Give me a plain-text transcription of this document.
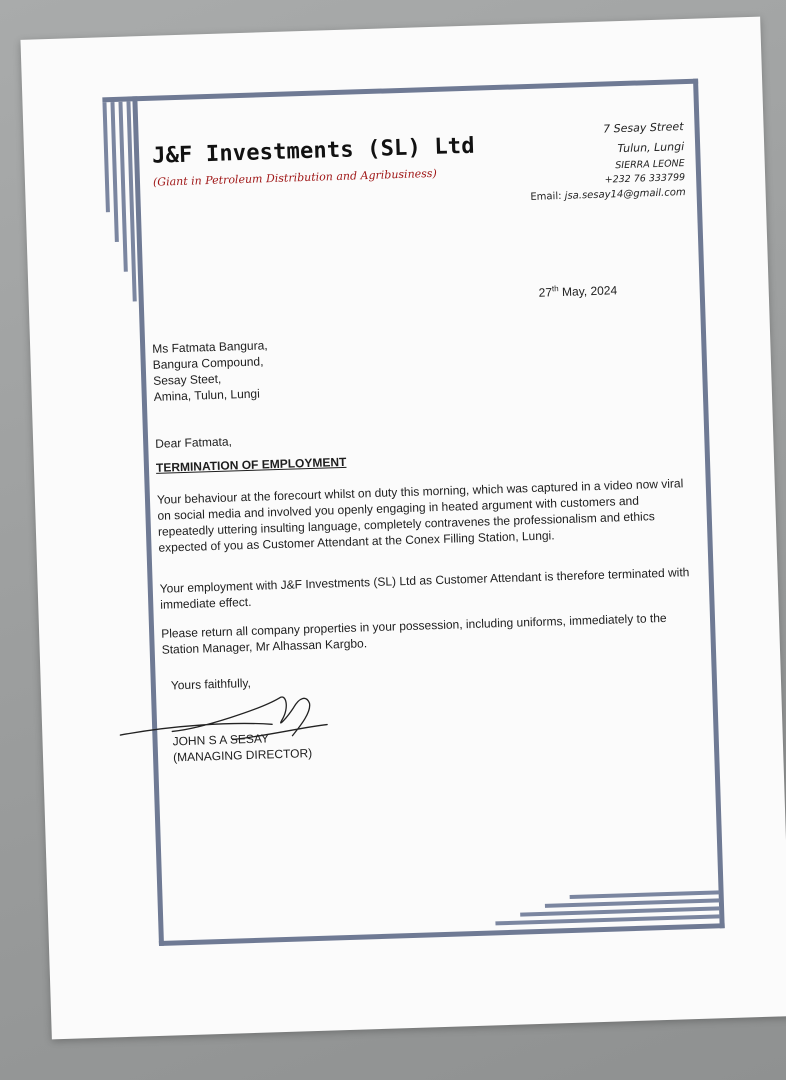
J&F Investments (SL) Ltd
(Giant in Petroleum Distribution and Agribusiness)
7 Sesay Street
Tulun, Lungi
SIERRA LEONE
+232 76 333799
Email: jsa.sesay14@gmail.com
27th May, 2024
Ms Fatmata Bangura,
Bangura Compound,
Sesay Steet,
Amina, Tulun, Lungi
Dear Fatmata,
TERMINATION OF EMPLOYMENT
Your behaviour at the forecourt whilst on duty this morning, which was captured in a video now viral on social media and involved you openly engaging in heated argument with customers and repeatedly uttering insulting language, completely contravenes the professionalism and ethics expected of you as Customer Attendant at the Conex Filling Station, Lungi.
Your employment with J&F Investments (SL) Ltd as Customer Attendant is therefore terminated with immediate effect.
Please return all company properties in your possession, including uniforms, immediately to the Station Manager, Mr Alhassan Kargbo.
Yours faithfully,
JOHN S A SESAY
(MANAGING DIRECTOR)
